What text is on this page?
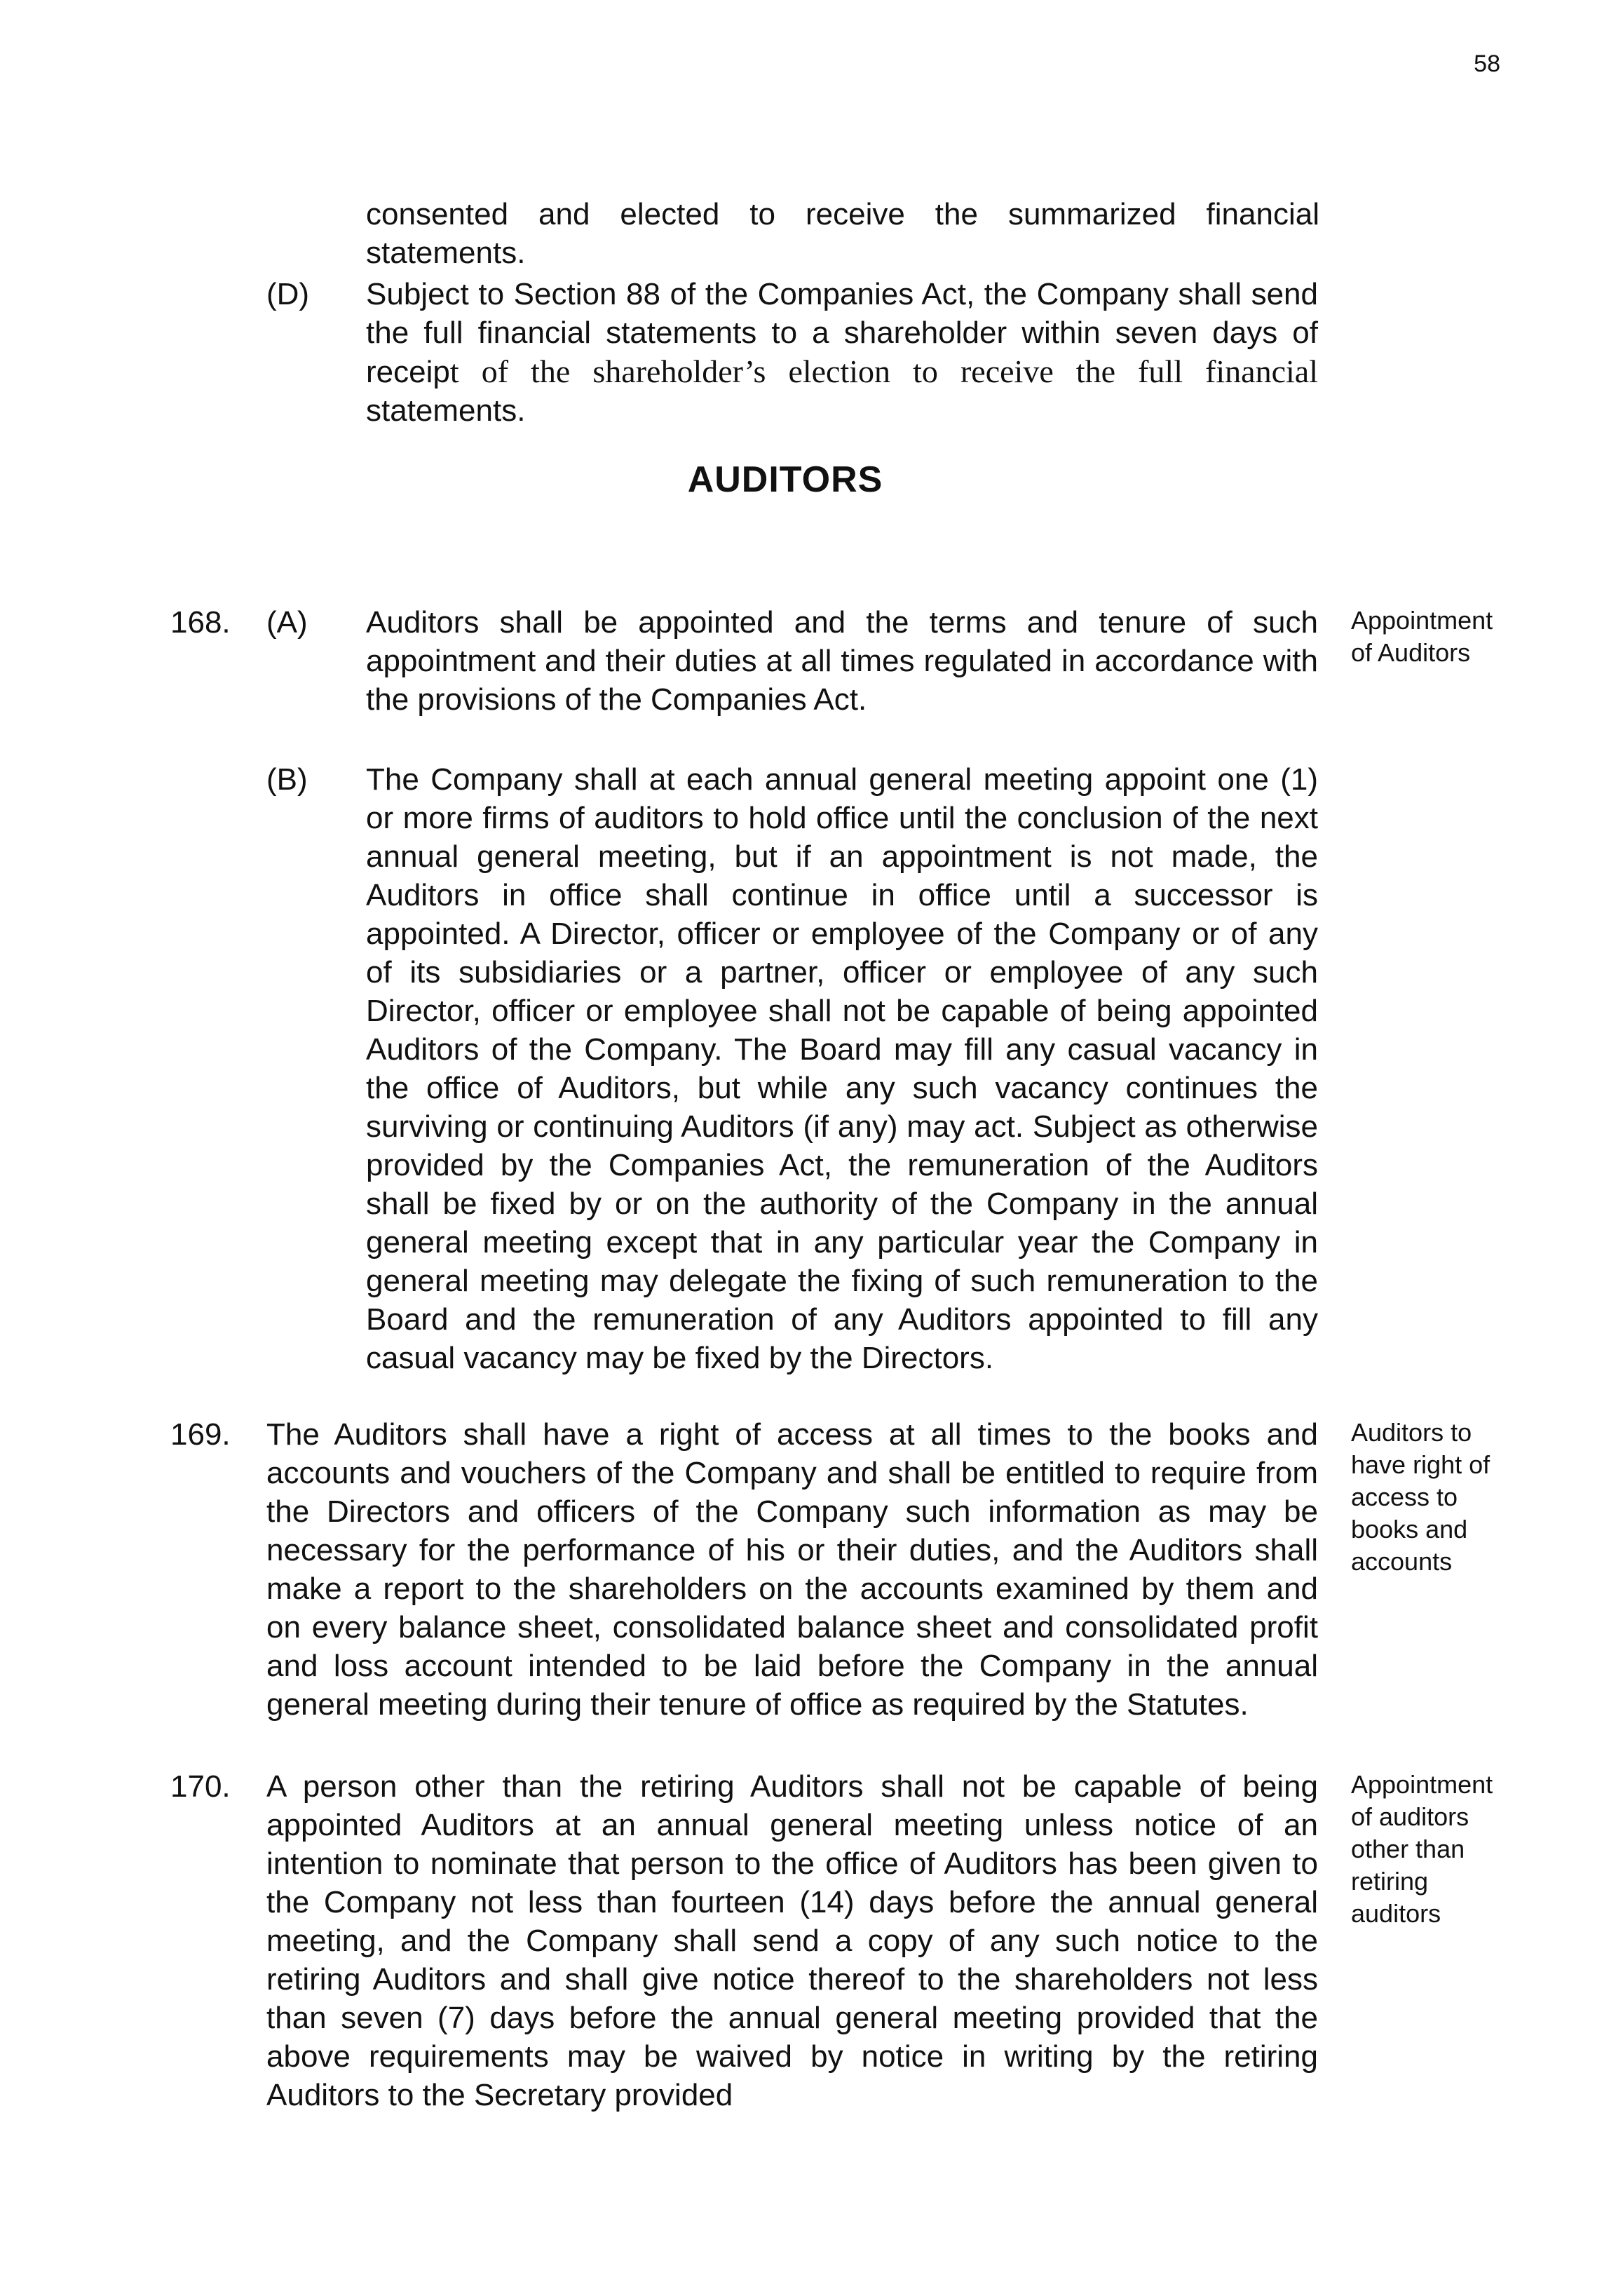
58
consented and elected to receive the summarized financial statements.
(D) Subject to Section 88 of the Companies Act, the Company shall send the full financial statements to a shareholder within seven days of receipt of the shareholder’s election to receive the full financial statements.
AUDITORS
168. (A) Auditors shall be appointed and the terms and tenure of such appointment and their duties at all times regulated in accordance with the provisions of the Companies Act.
Appointment of Auditors
(B) The Company shall at each annual general meeting appoint one (1) or more firms of auditors to hold office until the conclusion of the next annual general meeting, but if an appointment is not made, the Auditors in office shall continue in office until a successor is appointed. A Director, officer or employee of the Company or of any of its subsidiaries or a partner, officer or employee of any such Director, officer or employee shall not be capable of being appointed Auditors of the Company. The Board may fill any casual vacancy in the office of Auditors, but while any such vacancy continues the surviving or continuing Auditors (if any) may act. Subject as otherwise provided by the Companies Act, the remuneration of the Auditors shall be fixed by or on the authority of the Company in the annual general meeting except that in any particular year the Company in general meeting may delegate the fixing of such remuneration to the Board and the remuneration of any Auditors appointed to fill any casual vacancy may be fixed by the Directors.
169. The Auditors shall have a right of access at all times to the books and accounts and vouchers of the Company and shall be entitled to require from the Directors and officers of the Company such information as may be necessary for the performance of his or their duties, and the Auditors shall make a report to the shareholders on the accounts examined by them and on every balance sheet, consolidated balance sheet and consolidated profit and loss account intended to be laid before the Company in the annual general meeting during their tenure of office as required by the Statutes.
Auditors to have right of access to books and accounts
170. A person other than the retiring Auditors shall not be capable of being appointed Auditors at an annual general meeting unless notice of an intention to nominate that person to the office of Auditors has been given to the Company not less than fourteen (14) days before the annual general meeting, and the Company shall send a copy of any such notice to the retiring Auditors and shall give notice thereof to the shareholders not less than seven (7) days before the annual general meeting provided that the above requirements may be waived by notice in writing by the retiring Auditors to the Secretary provided
Appointment of auditors other than retiring auditors
